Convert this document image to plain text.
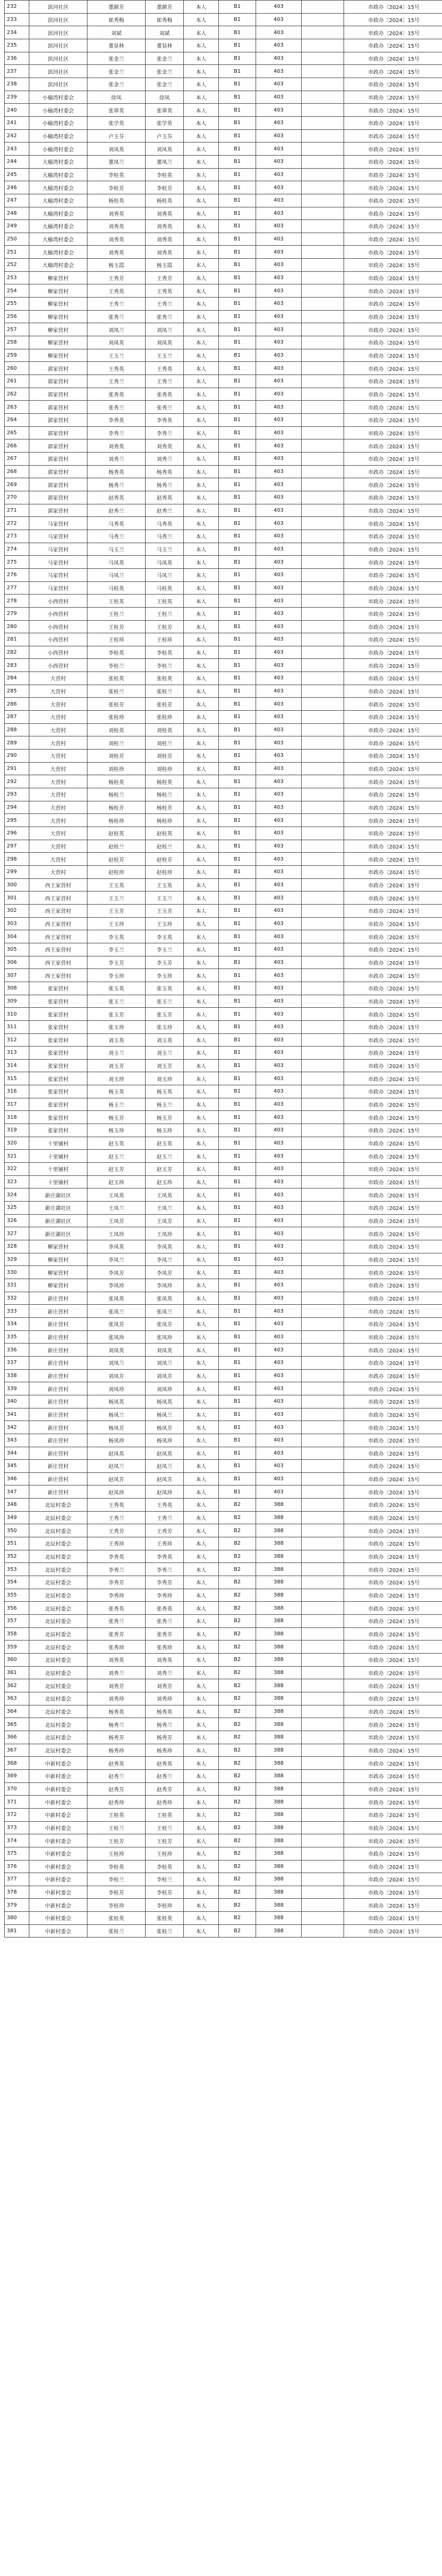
232	滨河社区	董颜芳	董颜芳	本人	B1	403		市政办〔2024〕15号
233	滨河社区	崔秀梅	崔秀梅	本人	B1	403		市政办〔2024〕15号
234	滨河社区	刘斌	刘斌	本人	B1	403		市政办〔2024〕15号
235	滨河社区	董显林	董显林	本人	B1	403		市政办〔2024〕15号
236	滨河社区	张金兰	张金兰	本人	B1	403		市政办〔2024〕15号
237	滨河社区	张金兰	张金兰	本人	B1	403		市政办〔2024〕15号
238	滨河社区	张金兰	张金兰	本人	B1	403		市政办〔2024〕15号
239	小榆湾村委会	徐凤	徐凤	本人	B1	403		市政办〔2024〕15号
240	小榆湾村委会	张翠英	张翠英	本人	B1	403		市政办〔2024〕15号
241	小榆湾村委会	张学英	张学英	本人	B1	403		市政办〔2024〕15号
242	小榆湾村委会	卢玉芬	卢玉芬	本人	B1	403		市政办〔2024〕15号
243	小榆湾村委会	刘凤英	刘凤英	本人	B1	403		市政办〔2024〕15号
244	大榆湾村委会	董凤兰	董凤兰	本人	B1	403		市政办〔2024〕15号
245	大榆湾村委会	李桂英	李桂英	本人	B1	403		市政办〔2024〕15号
246	大榆湾村委会	李桂芳	李桂芳	本人	B1	403		市政办〔2024〕15号
247	大榆湾村委会	杨桂英	杨桂英	本人	B1	403		市政办〔2024〕15号
248	大榆湾村委会	刘秀英	刘秀英	本人	B1	403		市政办〔2024〕15号
249	大榆湾村委会	刘秀英	刘秀英	本人	B1	403		市政办〔2024〕15号
250	大榆湾村委会	刘秀英	刘秀英	本人	B1	403		市政办〔2024〕15号
251	大榆湾村委会	刘秀英	刘秀英	本人	B1	403		市政办〔2024〕15号
252	大榆湾村委会	杨玉霞	杨玉霞	本人	B1	403		市政办〔2024〕15号
253	柳家营村	王秀芳	王秀芳	本人	B1	403		市政办〔2024〕15号
254	柳家营村	王秀英	王秀英	本人	B1	403		市政办〔2024〕15号
255	柳家营村	王秀兰	王秀兰	本人	B1	403		市政办〔2024〕15号
256	柳家营村	张秀兰	张秀兰	本人	B1	403		市政办〔2024〕15号
257	柳家营村	刘凤兰	刘凤兰	本人	B1	403		市政办〔2024〕15号
258	柳家营村	刘凤英	刘凤英	本人	B1	403		市政办〔2024〕15号
259	柳家营村	王玉兰	王玉兰	本人	B1	403		市政办〔2024〕15号
260	郭家营村	王秀英	王秀英	本人	B1	403		市政办〔2024〕15号
261	郭家营村	王秀兰	王秀兰	本人	B1	403		市政办〔2024〕15号
262	郭家营村	张秀英	张秀英	本人	B1	403		市政办〔2024〕15号
263	郭家营村	张秀兰	张秀兰	本人	B1	403		市政办〔2024〕15号
264	郭家营村	李秀英	李秀英	本人	B1	403		市政办〔2024〕15号
265	郭家营村	李秀兰	李秀兰	本人	B1	403		市政办〔2024〕15号
266	郭家营村	刘秀英	刘秀英	本人	B1	403		市政办〔2024〕15号
267	郭家营村	刘秀兰	刘秀兰	本人	B1	403		市政办〔2024〕15号
268	郭家营村	杨秀英	杨秀英	本人	B1	403		市政办〔2024〕15号
269	郭家营村	杨秀兰	杨秀兰	本人	B1	403		市政办〔2024〕15号
270	郭家营村	赵秀英	赵秀英	本人	B1	403		市政办〔2024〕15号
271	郭家营村	赵秀兰	赵秀兰	本人	B1	403		市政办〔2024〕15号
272	马家营村	马秀英	马秀英	本人	B1	403		市政办〔2024〕15号
273	马家营村	马秀兰	马秀兰	本人	B1	403		市政办〔2024〕15号
274	马家营村	马玉兰	马玉兰	本人	B1	403		市政办〔2024〕15号
275	马家营村	马凤英	马凤英	本人	B1	403		市政办〔2024〕15号
276	马家营村	马凤兰	马凤兰	本人	B1	403		市政办〔2024〕15号
277	马家营村	马桂英	马桂英	本人	B1	403		市政办〔2024〕15号
278	小西营村	王桂英	王桂英	本人	B1	403		市政办〔2024〕15号
279	小西营村	王桂兰	王桂兰	本人	B1	403		市政办〔2024〕15号
280	小西营村	王桂芳	王桂芳	本人	B1	403		市政办〔2024〕15号
281	小西营村	王桂珍	王桂珍	本人	B1	403		市政办〔2024〕15号
282	小西营村	李桂英	李桂英	本人	B1	403		市政办〔2024〕15号
283	小西营村	李桂兰	李桂兰	本人	B1	403		市政办〔2024〕15号
284	大营村	张桂英	张桂英	本人	B1	403		市政办〔2024〕15号
285	大营村	张桂兰	张桂兰	本人	B1	403		市政办〔2024〕15号
286	大营村	张桂芳	张桂芳	本人	B1	403		市政办〔2024〕15号
287	大营村	张桂珍	张桂珍	本人	B1	403		市政办〔2024〕15号
288	大营村	刘桂英	刘桂英	本人	B1	403		市政办〔2024〕15号
289	大营村	刘桂兰	刘桂兰	本人	B1	403		市政办〔2024〕15号
290	大营村	刘桂芳	刘桂芳	本人	B1	403		市政办〔2024〕15号
291	大营村	刘桂珍	刘桂珍	本人	B1	403		市政办〔2024〕15号
292	大营村	杨桂英	杨桂英	本人	B1	403		市政办〔2024〕15号
293	大营村	杨桂兰	杨桂兰	本人	B1	403		市政办〔2024〕15号
294	大营村	杨桂芳	杨桂芳	本人	B1	403		市政办〔2024〕15号
295	大营村	杨桂珍	杨桂珍	本人	B1	403		市政办〔2024〕15号
296	大营村	赵桂英	赵桂英	本人	B1	403		市政办〔2024〕15号
297	大营村	赵桂兰	赵桂兰	本人	B1	403		市政办〔2024〕15号
298	大营村	赵桂芳	赵桂芳	本人	B1	403		市政办〔2024〕15号
299	大营村	赵桂珍	赵桂珍	本人	B1	403		市政办〔2024〕15号
300	西王家营村	王玉英	王玉英	本人	B1	403		市政办〔2024〕15号
301	西王家营村	王玉兰	王玉兰	本人	B1	403		市政办〔2024〕15号
302	西王家营村	王玉芳	王玉芳	本人	B1	403		市政办〔2024〕15号
303	西王家营村	王玉珍	王玉珍	本人	B1	403		市政办〔2024〕15号
304	西王家营村	李玉英	李玉英	本人	B1	403		市政办〔2024〕15号
305	西王家营村	李玉兰	李玉兰	本人	B1	403		市政办〔2024〕15号
306	西王家营村	李玉芳	李玉芳	本人	B1	403		市政办〔2024〕15号
307	西王家营村	李玉珍	李玉珍	本人	B1	403		市政办〔2024〕15号
308	张家营村	张玉英	张玉英	本人	B1	403		市政办〔2024〕15号
309	张家营村	张玉兰	张玉兰	本人	B1	403		市政办〔2024〕15号
310	张家营村	张玉芳	张玉芳	本人	B1	403		市政办〔2024〕15号
311	张家营村	张玉珍	张玉珍	本人	B1	403		市政办〔2024〕15号
312	张家营村	刘玉英	刘玉英	本人	B1	403		市政办〔2024〕15号
313	张家营村	刘玉兰	刘玉兰	本人	B1	403		市政办〔2024〕15号
314	张家营村	刘玉芳	刘玉芳	本人	B1	403		市政办〔2024〕15号
315	张家营村	刘玉珍	刘玉珍	本人	B1	403		市政办〔2024〕15号
316	张家营村	杨玉英	杨玉英	本人	B1	403		市政办〔2024〕15号
317	张家营村	杨玉兰	杨玉兰	本人	B1	403		市政办〔2024〕15号
318	张家营村	杨玉芳	杨玉芳	本人	B1	403		市政办〔2024〕15号
319	张家营村	杨玉珍	杨玉珍	本人	B1	403		市政办〔2024〕15号
320	十里铺村	赵玉英	赵玉英	本人	B1	403		市政办〔2024〕15号
321	十里铺村	赵玉兰	赵玉兰	本人	B1	403		市政办〔2024〕15号
322	十里铺村	赵玉芳	赵玉芳	本人	B1	403		市政办〔2024〕15号
323	十里铺村	赵玉珍	赵玉珍	本人	B1	403		市政办〔2024〕15号
324	新庄湖社区	王凤英	王凤英	本人	B1	403		市政办〔2024〕15号
325	新庄湖社区	王凤兰	王凤兰	本人	B1	403		市政办〔2024〕15号
326	新庄湖社区	王凤芳	王凤芳	本人	B1	403		市政办〔2024〕15号
327	新庄湖社区	王凤珍	王凤珍	本人	B1	403		市政办〔2024〕15号
328	柳家营村	李凤英	李凤英	本人	B1	403		市政办〔2024〕15号
329	柳家营村	李凤兰	李凤兰	本人	B1	403		市政办〔2024〕15号
330	柳家营村	李凤芳	李凤芳	本人	B1	403		市政办〔2024〕15号
331	柳家营村	李凤珍	李凤珍	本人	B1	403		市政办〔2024〕15号
332	新庄营村	张凤英	张凤英	本人	B1	403		市政办〔2024〕15号
333	新庄营村	张凤兰	张凤兰	本人	B1	403		市政办〔2024〕15号
334	新庄营村	张凤芳	张凤芳	本人	B1	403		市政办〔2024〕15号
335	新庄营村	张凤珍	张凤珍	本人	B1	403		市政办〔2024〕15号
336	新庄营村	刘凤英	刘凤英	本人	B1	403		市政办〔2024〕15号
337	新庄营村	刘凤兰	刘凤兰	本人	B1	403		市政办〔2024〕15号
338	新庄营村	刘凤芳	刘凤芳	本人	B1	403		市政办〔2024〕15号
339	新庄营村	刘凤珍	刘凤珍	本人	B1	403		市政办〔2024〕15号
340	新庄营村	杨凤英	杨凤英	本人	B1	403		市政办〔2024〕15号
341	新庄营村	杨凤兰	杨凤兰	本人	B1	403		市政办〔2024〕15号
342	新庄营村	杨凤芳	杨凤芳	本人	B1	403		市政办〔2024〕15号
343	新庄营村	杨凤珍	杨凤珍	本人	B1	403		市政办〔2024〕15号
344	新庄营村	赵凤英	赵凤英	本人	B1	403		市政办〔2024〕15号
345	新庄营村	赵凤兰	赵凤兰	本人	B1	403		市政办〔2024〕15号
346	新庄营村	赵凤芳	赵凤芳	本人	B1	403		市政办〔2024〕15号
347	新庄营村	赵凤珍	赵凤珍	本人	B1	403		市政办〔2024〕15号
348	北辰村委会	王秀英	王秀英	本人	B2	388		市政办〔2024〕15号
349	北辰村委会	王秀兰	王秀兰	本人	B2	388		市政办〔2024〕15号
350	北辰村委会	王秀芳	王秀芳	本人	B2	388		市政办〔2024〕15号
351	北辰村委会	王秀珍	王秀珍	本人	B2	388		市政办〔2024〕15号
352	北辰村委会	李秀英	李秀英	本人	B2	388		市政办〔2024〕15号
353	北辰村委会	李秀兰	李秀兰	本人	B2	388		市政办〔2024〕15号
354	北辰村委会	李秀芳	李秀芳	本人	B2	388		市政办〔2024〕15号
355	北辰村委会	李秀珍	李秀珍	本人	B2	388		市政办〔2024〕15号
356	北辰村委会	张秀英	张秀英	本人	B2	388		市政办〔2024〕15号
357	北辰村委会	张秀兰	张秀兰	本人	B2	388		市政办〔2024〕15号
358	北辰村委会	张秀芳	张秀芳	本人	B2	388		市政办〔2024〕15号
359	北辰村委会	张秀珍	张秀珍	本人	B2	388		市政办〔2024〕15号
360	北辰村委会	刘秀英	刘秀英	本人	B2	388		市政办〔2024〕15号
361	北辰村委会	刘秀兰	刘秀兰	本人	B2	388		市政办〔2024〕15号
362	北辰村委会	刘秀芳	刘秀芳	本人	B2	388		市政办〔2024〕15号
363	北辰村委会	刘秀珍	刘秀珍	本人	B2	388		市政办〔2024〕15号
364	北辰村委会	杨秀英	杨秀英	本人	B2	388		市政办〔2024〕15号
365	北辰村委会	杨秀兰	杨秀兰	本人	B2	388		市政办〔2024〕15号
366	北辰村委会	杨秀芳	杨秀芳	本人	B2	388		市政办〔2024〕15号
367	北辰村委会	杨秀珍	杨秀珍	本人	B2	388		市政办〔2024〕15号
368	中新村委会	赵秀英	赵秀英	本人	B2	388		市政办〔2024〕15号
369	中新村委会	赵秀兰	赵秀兰	本人	B2	388		市政办〔2024〕15号
370	中新村委会	赵秀芳	赵秀芳	本人	B2	388		市政办〔2024〕15号
371	中新村委会	赵秀珍	赵秀珍	本人	B2	388		市政办〔2024〕15号
372	中新村委会	王桂英	王桂英	本人	B2	388		市政办〔2024〕15号
373	中新村委会	王桂兰	王桂兰	本人	B2	388		市政办〔2024〕15号
374	中新村委会	王桂芳	王桂芳	本人	B2	388		市政办〔2024〕15号
375	中新村委会	王桂珍	王桂珍	本人	B2	388		市政办〔2024〕15号
376	中新村委会	李桂英	李桂英	本人	B2	388		市政办〔2024〕15号
377	中新村委会	李桂兰	李桂兰	本人	B2	388		市政办〔2024〕15号
378	中新村委会	李桂芳	李桂芳	本人	B2	388		市政办〔2024〕15号
379	中新村委会	李桂珍	李桂珍	本人	B2	388		市政办〔2024〕15号
380	中新村委会	张桂英	张桂英	本人	B2	388		市政办〔2024〕15号
381	中新村委会	张桂兰	张桂兰	本人	B2	388		市政办〔2024〕15号
